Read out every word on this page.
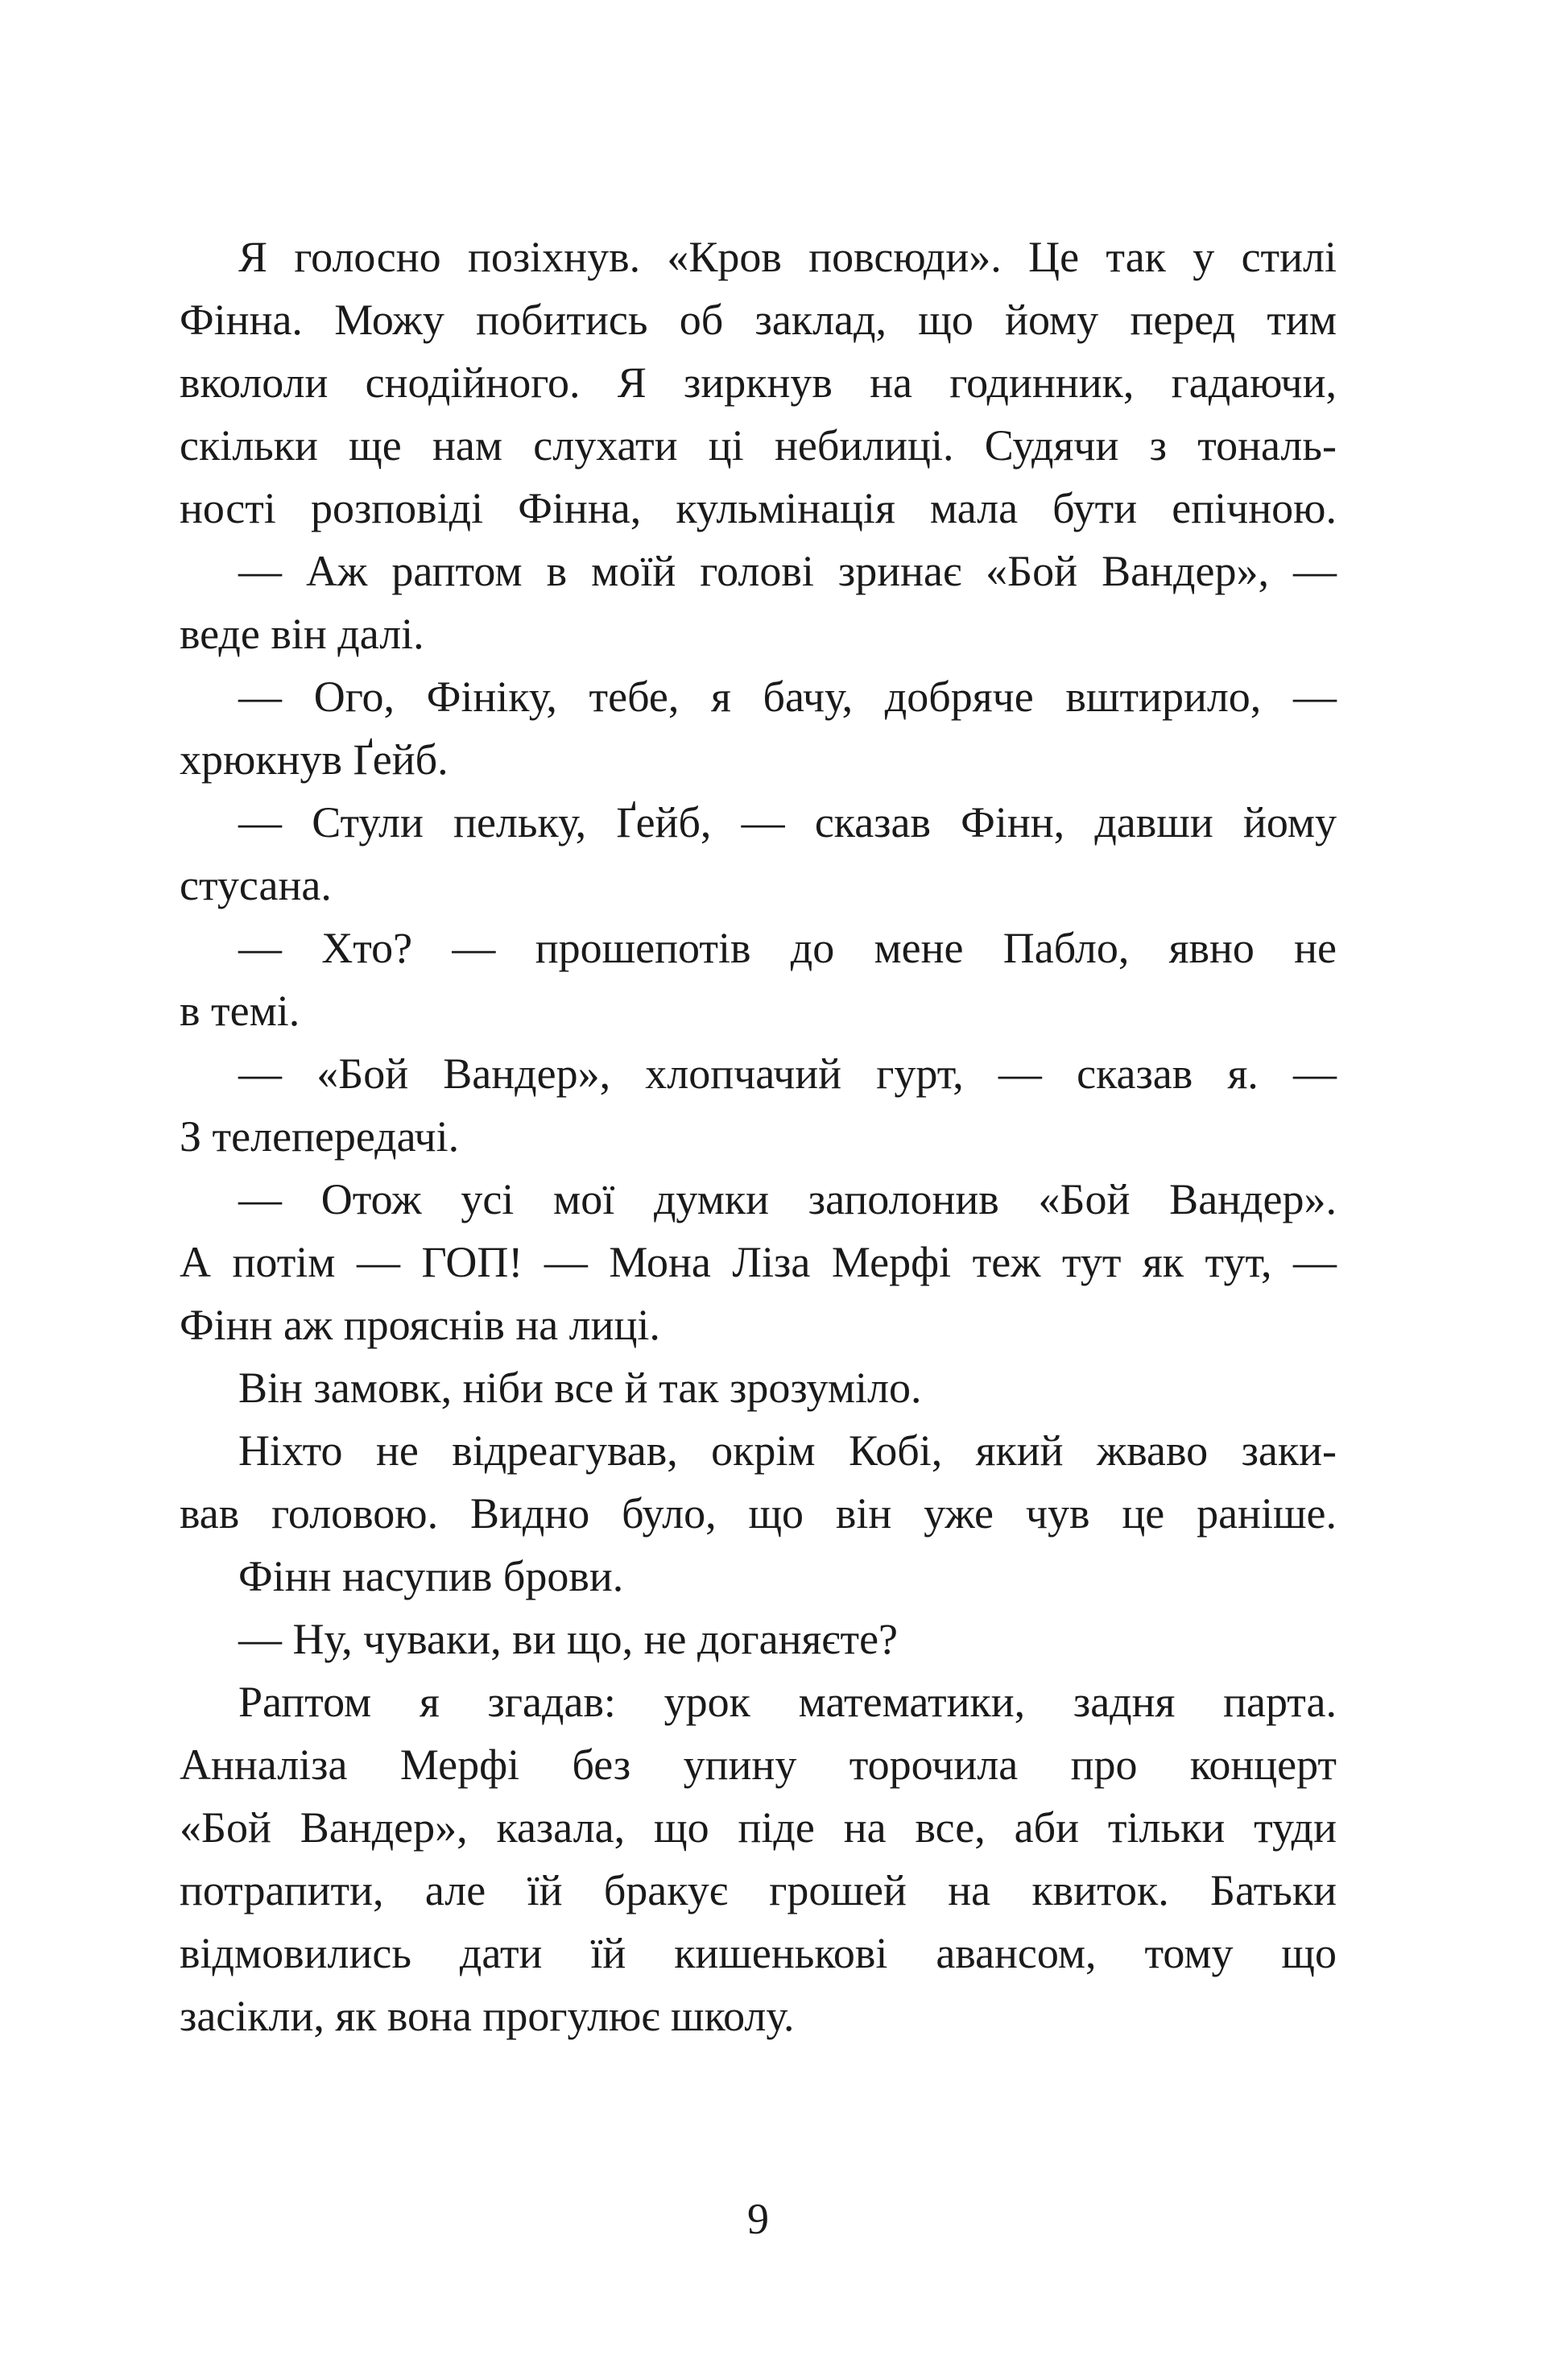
Я голосно позіхнув. «Кров повсюди». Це так у стилі
Фінна. Можу побитись об заклад, що йому перед тим
вкололи снодійного. Я зиркнув на годинник, гадаючи,
скільки ще нам слухати ці небилиці. Судячи з тональ-
ності розповіді Фінна, кульмінація мала бути епічною.
— Аж раптом в моїй голові зринає «Бой Вандер», —
веде він далі.
— Ого, Фініку, тебе, я бачу, добряче вштирило, —
хрюкнув Ґейб.
— Стули пельку, Ґейб, — сказав Фінн, давши йому
стусана.
— Хто? — прошепотів до мене Пабло, явно не
в темі.
— «Бой Вандер», хлопчачий гурт, — сказав я. —
З телепередачі.
— Отож усі мої думки заполонив «Бой Вандер».
А потім — ГОП! — Мона Ліза Мерфі теж тут як тут, —
Фінн аж прояснів на лиці.
Він замовк, ніби все й так зрозуміло.
Ніхто не відреагував, окрім Кобі, який жваво заки-
вав головою. Видно було, що він уже чув це раніше.
Фінн насупив брови.
— Ну, чуваки, ви що, не доганяєте?
Раптом я згадав: урок математики, задня парта.
Анналіза Мерфі без упину торочила про концерт
«Бой Вандер», казала, що піде на все, аби тільки туди
потрапити, але їй бракує грошей на квиток. Батьки
відмовились дати їй кишенькові авансом, тому що
засікли, як вона прогулює школу.
9
